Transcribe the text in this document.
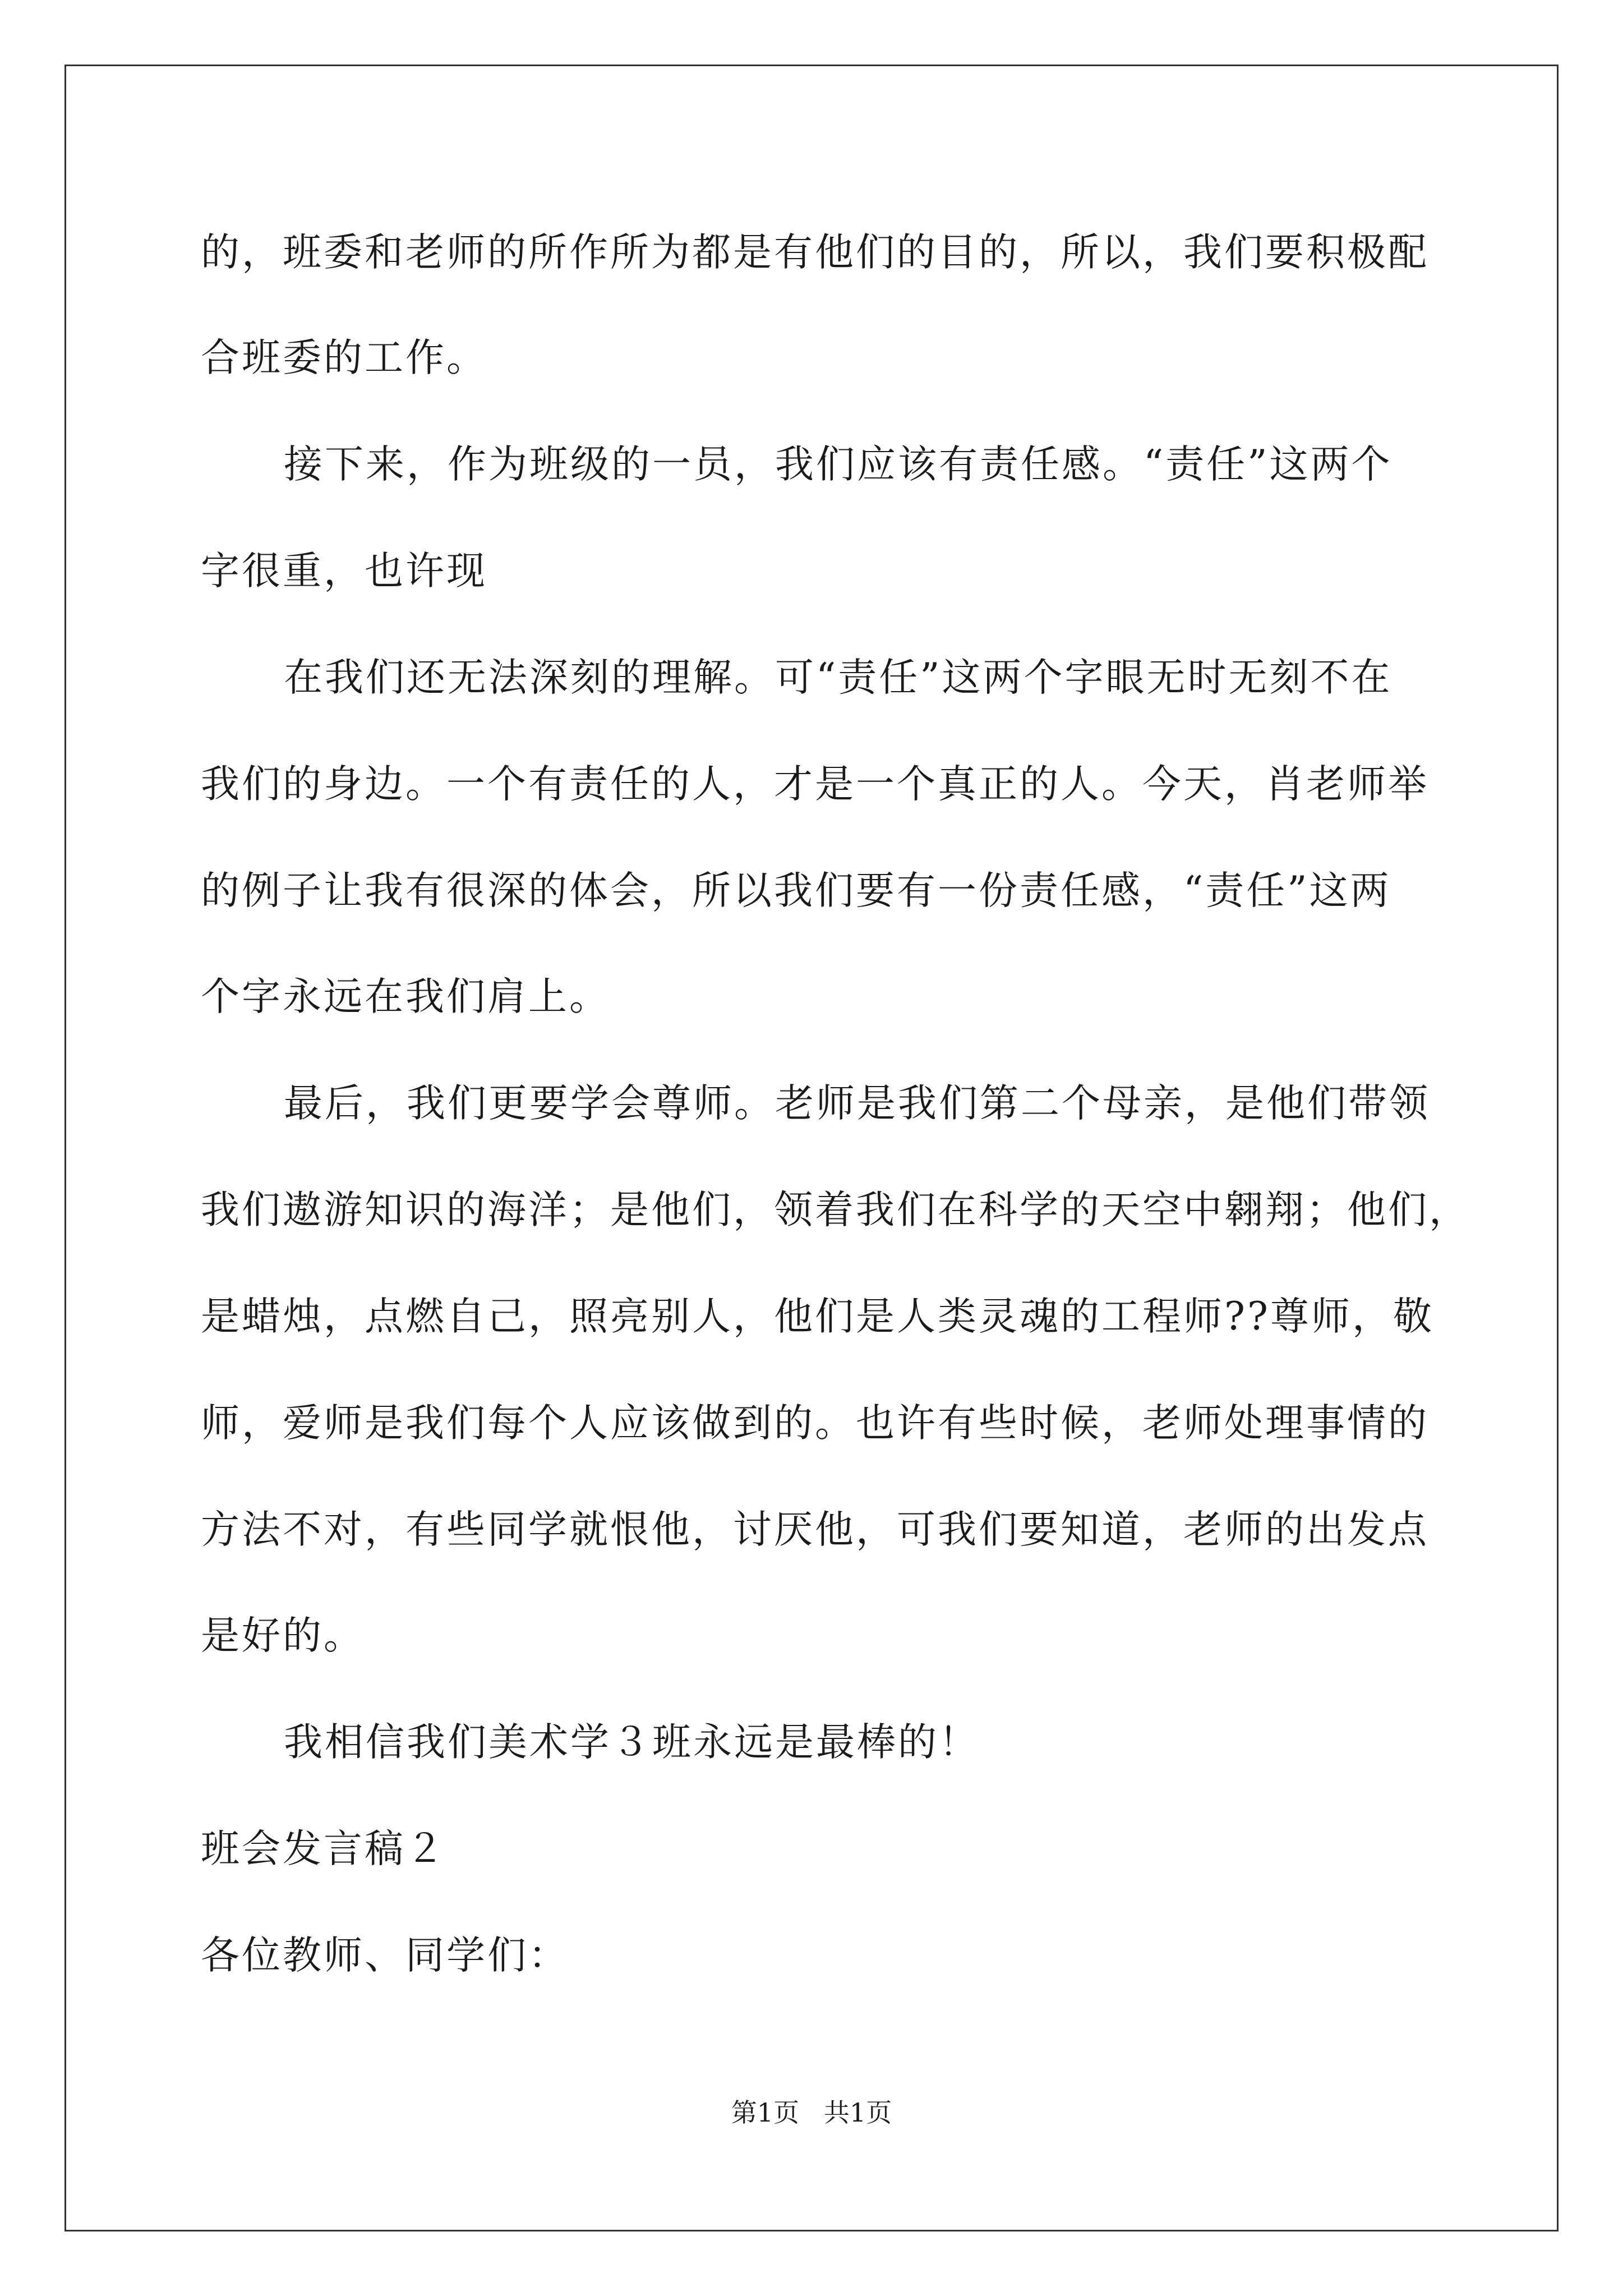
的，班委和老师的所作所为都是有他们的目的，所以，我们要积极配
合班委的工作。
接下来，作为班级的一员，我们应该有责任感。“责任”这两个
字很重，也许现
在我们还无法深刻的理解。可“责任”这两个字眼无时无刻不在
我们的身边。一个有责任的人，才是一个真正的人。今天，肖老师举
的例子让我有很深的体会，所以我们要有一份责任感，“责任”这两
个字永远在我们肩上。
最后，我们更要学会尊师。老师是我们第二个母亲，是他们带领
我们遨游知识的海洋；是他们，领着我们在科学的天空中翱翔；他们，
是蜡烛，点燃自己，照亮别人，他们是人类灵魂的工程师??尊师，敬
师，爱师是我们每个人应该做到的。也许有些时候，老师处理事情的
方法不对，有些同学就恨他，讨厌他，可我们要知道，老师的出发点
是好的。
我相信我们美术学３班永远是最棒的！
班会发言稿２
各位教师、同学们：
第1页   共1页
